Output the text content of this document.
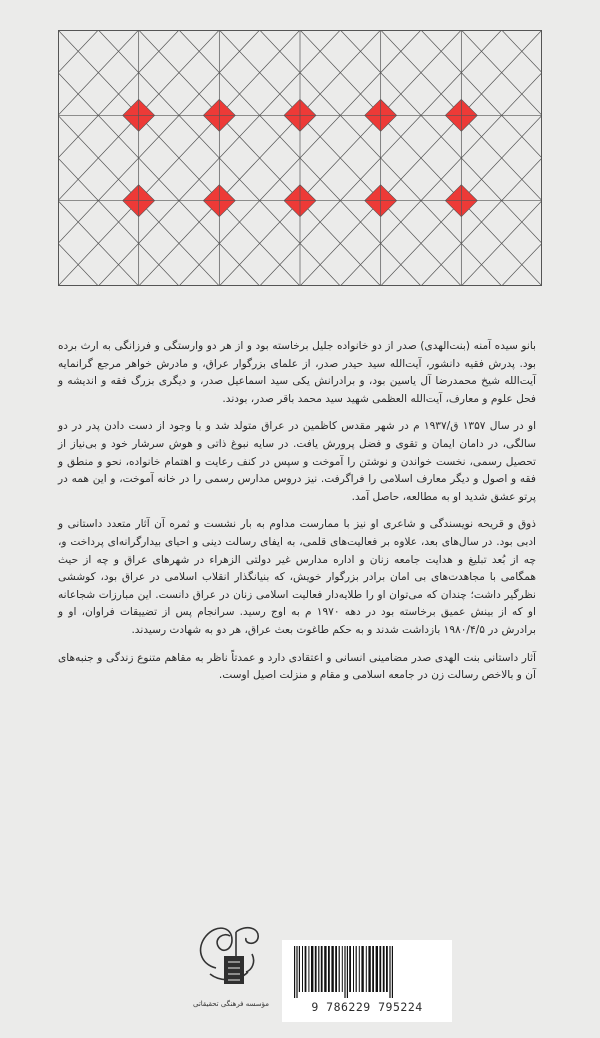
بانو سیده آمنه (بنت‌الهدی) صدر از دو خانواده جلیل برخاسته بود و از هر دو وارستگی و فرزانگی به ارث برده بود. پدرش فقیه دانشور، آیت‌الله سید حیدر صدر، از علمای بزرگوار عراق، و مادرش خواهر مرجع گرانمایه آیت‌الله شیخ محمدرضا آل یاسین بود، و برادرانش یکی سید اسماعیل صدر، و دیگری بزرگ فقه و اندیشه و فحل علوم و معارف، آیت‌الله العظمی شهید سید محمد باقر صدر، بودند.

او در سال ۱۳۵۷ ق/۱۹۳۷ م در شهر مقدس کاظمین در عراق متولد شد و با وجود از دست دادن پدر در دو سالگی، در دامان ایمان و تقوی و فضل پرورش یافت. در سایه نبوغ ذاتی و هوش سرشار خود و بی‌نیاز از تحصیل رسمی، نخست خواندن و نوشتن را آموخت و سپس در کنف رعایت و اهتمام خانواده، نحو و منطق و فقه و اصول و دیگر معارف اسلامی را فراگرفت. نیز دروس مدارس رسمی را در خانه آموخت، و این همه در پرتو عشق شدید او به مطالعه، حاصل آمد.

ذوق و قریحه نویسندگی و شاعری او نیز با ممارست مداوم به بار نشست و ثمره آن آثار متعدد داستانی و ادبی بود. در سال‌های بعد، علاوه بر فعالیت‌های قلمی، به ایفای رسالت دینی و احیای بیدارگرانه‌ای پرداخت و، چه از بُعد تبلیغ و هدایت جامعه زنان و اداره مدارس غیر دولتی الزهراء در شهرهای عراق و چه از حیث همگامی با مجاهدت‌های بی امان برادر بزرگوار خویش، که بنیانگذار انقلاب اسلامی در عراق بود، کوششی نظرگیر داشت؛ چندان که می‌توان او را طلایه‌دار فعالیت اسلامی زنان در عراق دانست. این مبارزات شجاعانه او که از بینش عمیق برخاسته بود در دهه ۱۹۷۰ م به اوج رسید. سرانجام پس از تضییقات فراوان، او و برادرش در ۱۹۸۰/۴/۵ بازداشت شدند و به حکم طاغوت بعث عراق، هر دو به شهادت رسیدند.

آثار داستانی بنت الهدی صدر مضامینی انسانی و اعتقادی دارد و عمدتاً ناظر به مقاهم متنوع زندگی و جنبه‌های آن و بالاخص رسالت زن در جامعه اسلامی و مقام و منزلت اصیل اوست.

مؤسسه فرهنگی تحقیقاتی	9 786229 795224
